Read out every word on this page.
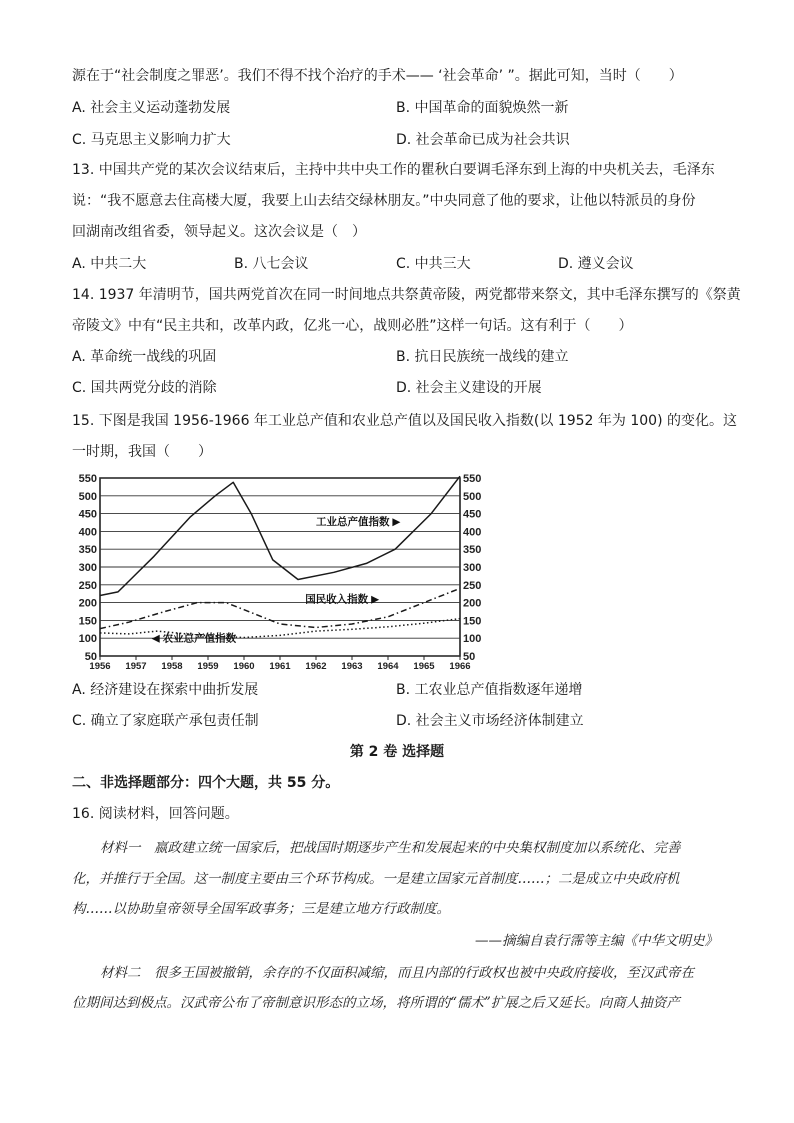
源在于“社会制度之罪恶’。我们不得不找个治疗的手术—— ‘社会革命’ ”。据此可知，当时（　　）
A. 社会主义运动蓬勃发展	B. 中国革命的面貌焕然一新
C. 马克思主义影响力扩大	D. 社会革命已成为社会共识
13. 中国共产党的某次会议结束后，主持中共中央工作的瞿秋白要调毛泽东到上海的中央机关去，毛泽东
说：“我不愿意去住高楼大厦，我要上山去结交绿林朋友。”中央同意了他的要求，让他以特派员的身份
回湖南改组省委，领导起义。这次会议是（　）
A. 中共二大	B. 八七会议	C. 中共三大	D. 遵义会议
14. 1937 年清明节，国共两党首次在同一时间地点共祭黄帝陵，两党都带来祭文，其中毛泽东撰写的《祭黄
帝陵文》中有“民主共和，改革内政，亿兆一心，战则必胜”这样一句话。这有利于（　　）
A. 革命统一战线的巩固	B. 抗日民族统一战线的建立
C. 国共两党分歧的消除	D. 社会主义建设的开展
15. 下图是我国 1956-1966 年工业总产值和农业总产值以及国民收入指数(以 1952 年为 100) 的变化。这
一时期，我国（　　）
550	550
500	500
450	450
400	400
350	350
300	300
250	250
200	200
150	150
100	100
50	50
1956 1957 1958 1959 1960 1961 1962 1963 1964 1965 1966
工业总产值指数 ▶
国民收入指数 ▶
◀ 农业总产值指数
A. 经济建设在探索中曲折发展	B. 工农业总产值指数逐年递增
C. 确立了家庭联产承包责任制	D. 社会主义市场经济体制建立
第 2 卷 选择题
二、非选择题部分：四个大题，共 55 分。
16. 阅读材料，回答问题。
材料一　嬴政建立统一国家后，把战国时期逐步产生和发展起来的中央集权制度加以系统化、完善
化，并推行于全国。这一制度主要由三个环节构成。一是建立国家元首制度……；二是成立中央政府机
构……以协助皇帝领导全国军政事务；三是建立地方行政制度。
——摘编自袁行霈等主编《中华文明史》
材料二　很多王国被撤销，余存的不仅面积减缩，而且内部的行政权也被中央政府接收，至汉武帝在
位期间达到极点。汉武帝公布了帝制意识形态的立场，将所谓的“儒术”扩展之后又延长。向商人抽资产
